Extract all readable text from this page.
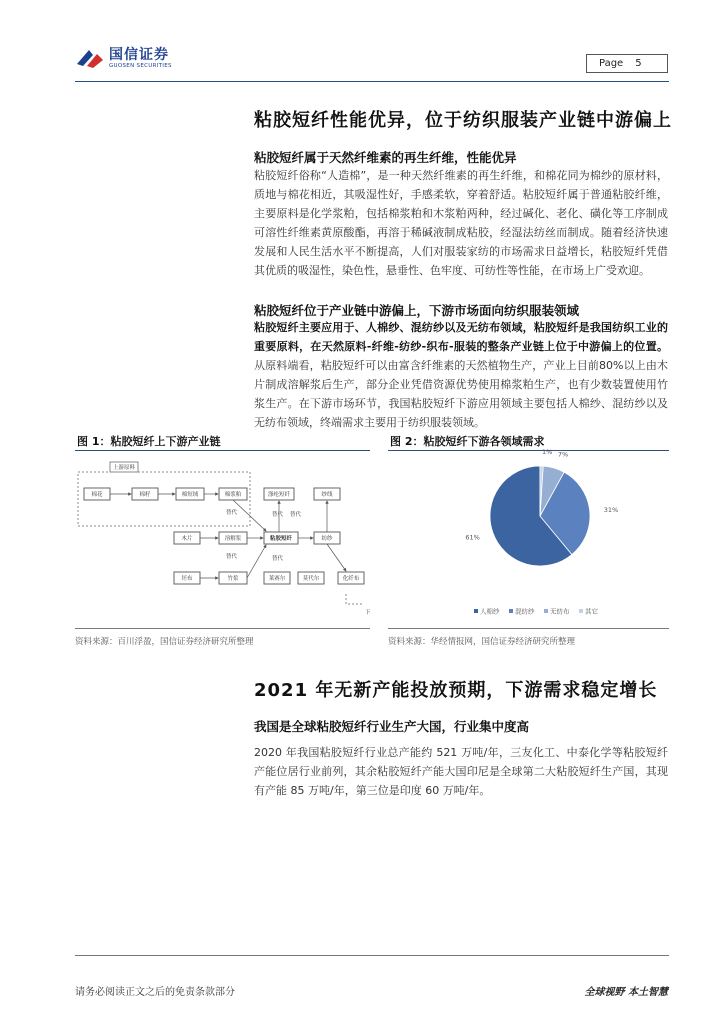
国信证券
GUOSEN SECURITIES	Page 5
粘胶短纤性能优异，位于纺织服装产业链中游偏上
粘胶短纤属于天然纤维素的再生纤维，性能优异
粘胶短纤俗称“人造棉”，是一种天然纤维素的再生纤维，和棉花同为棉纱的原材料，质地与棉花相近，其吸湿性好，手感柔软，穿着舒适。粘胶短纤属于普通粘胶纤维，主要原料是化学浆粕，包括棉浆粕和木浆粕两种，经过碱化、老化、磺化等工序制成可溶性纤维素黄原酸酯，再溶于稀碱液制成粘胶，经湿法纺丝而制成。随着经济快速发展和人民生活水平不断提高，人们对服装家纺的市场需求日益增长，粘胶短纤凭借其优质的吸湿性，染色性，悬垂性、色牢度、可纺性等性能，在市场上广受欢迎。
粘胶短纤位于产业链中游偏上，下游市场面向纺织服装领域
粘胶短纤主要应用于、人棉纱、混纺纱以及无纺布领域，粘胶短纤是我国纺织工业的重要原料，在天然原料-纤维-纺纱-织布-服装的整条产业链上位于中游偏上的位置。从原料端看，粘胶短纤可以由富含纤维素的天然植物生产，产业上目前80%以上由木片制成溶解浆后生产，部分企业凭借资源优势使用棉浆粕生产，也有少数装置使用竹浆生产。在下游市场环节，我国粘胶短纤下游应用领域主要包括人棉纱、混纺纱以及无纺布领域，终端需求主要用于纺织服装领域。
图 1：粘胶短纤上下游产业链
上游原料
棉花	棉籽	棉短绒	棉浆粕	涤纶短纤	纱线
木片	溶解浆	粘胶短纤	纺纱
坯布	竹浆	莱赛尔	莫代尔	化纤布
替代
替代
替代 替代
替代
下
资料来源：百川浮盈，国信证券经济研究所整理
图 2：粘胶短纤下游各领域需求
61%
31%
7%
1%
人棉纱 混纺纱 无纺布 其它
资料来源：华经情报网，国信证券经济研究所整理
2021 年无新产能投放预期，下游需求稳定增长
我国是全球粘胶短纤行业生产大国，行业集中度高
2020 年我国粘胶短纤行业总产能约 521 万吨/年，三友化工、中泰化学等粘胶短纤产能位居行业前列，其余粘胶短纤产能大国印尼是全球第二大粘胶短纤生产国，其现有产能 85 万吨/年，第三位是印度 60 万吨/年。
请务必阅读正文之后的免责条款部分	全球视野 本土智慧
